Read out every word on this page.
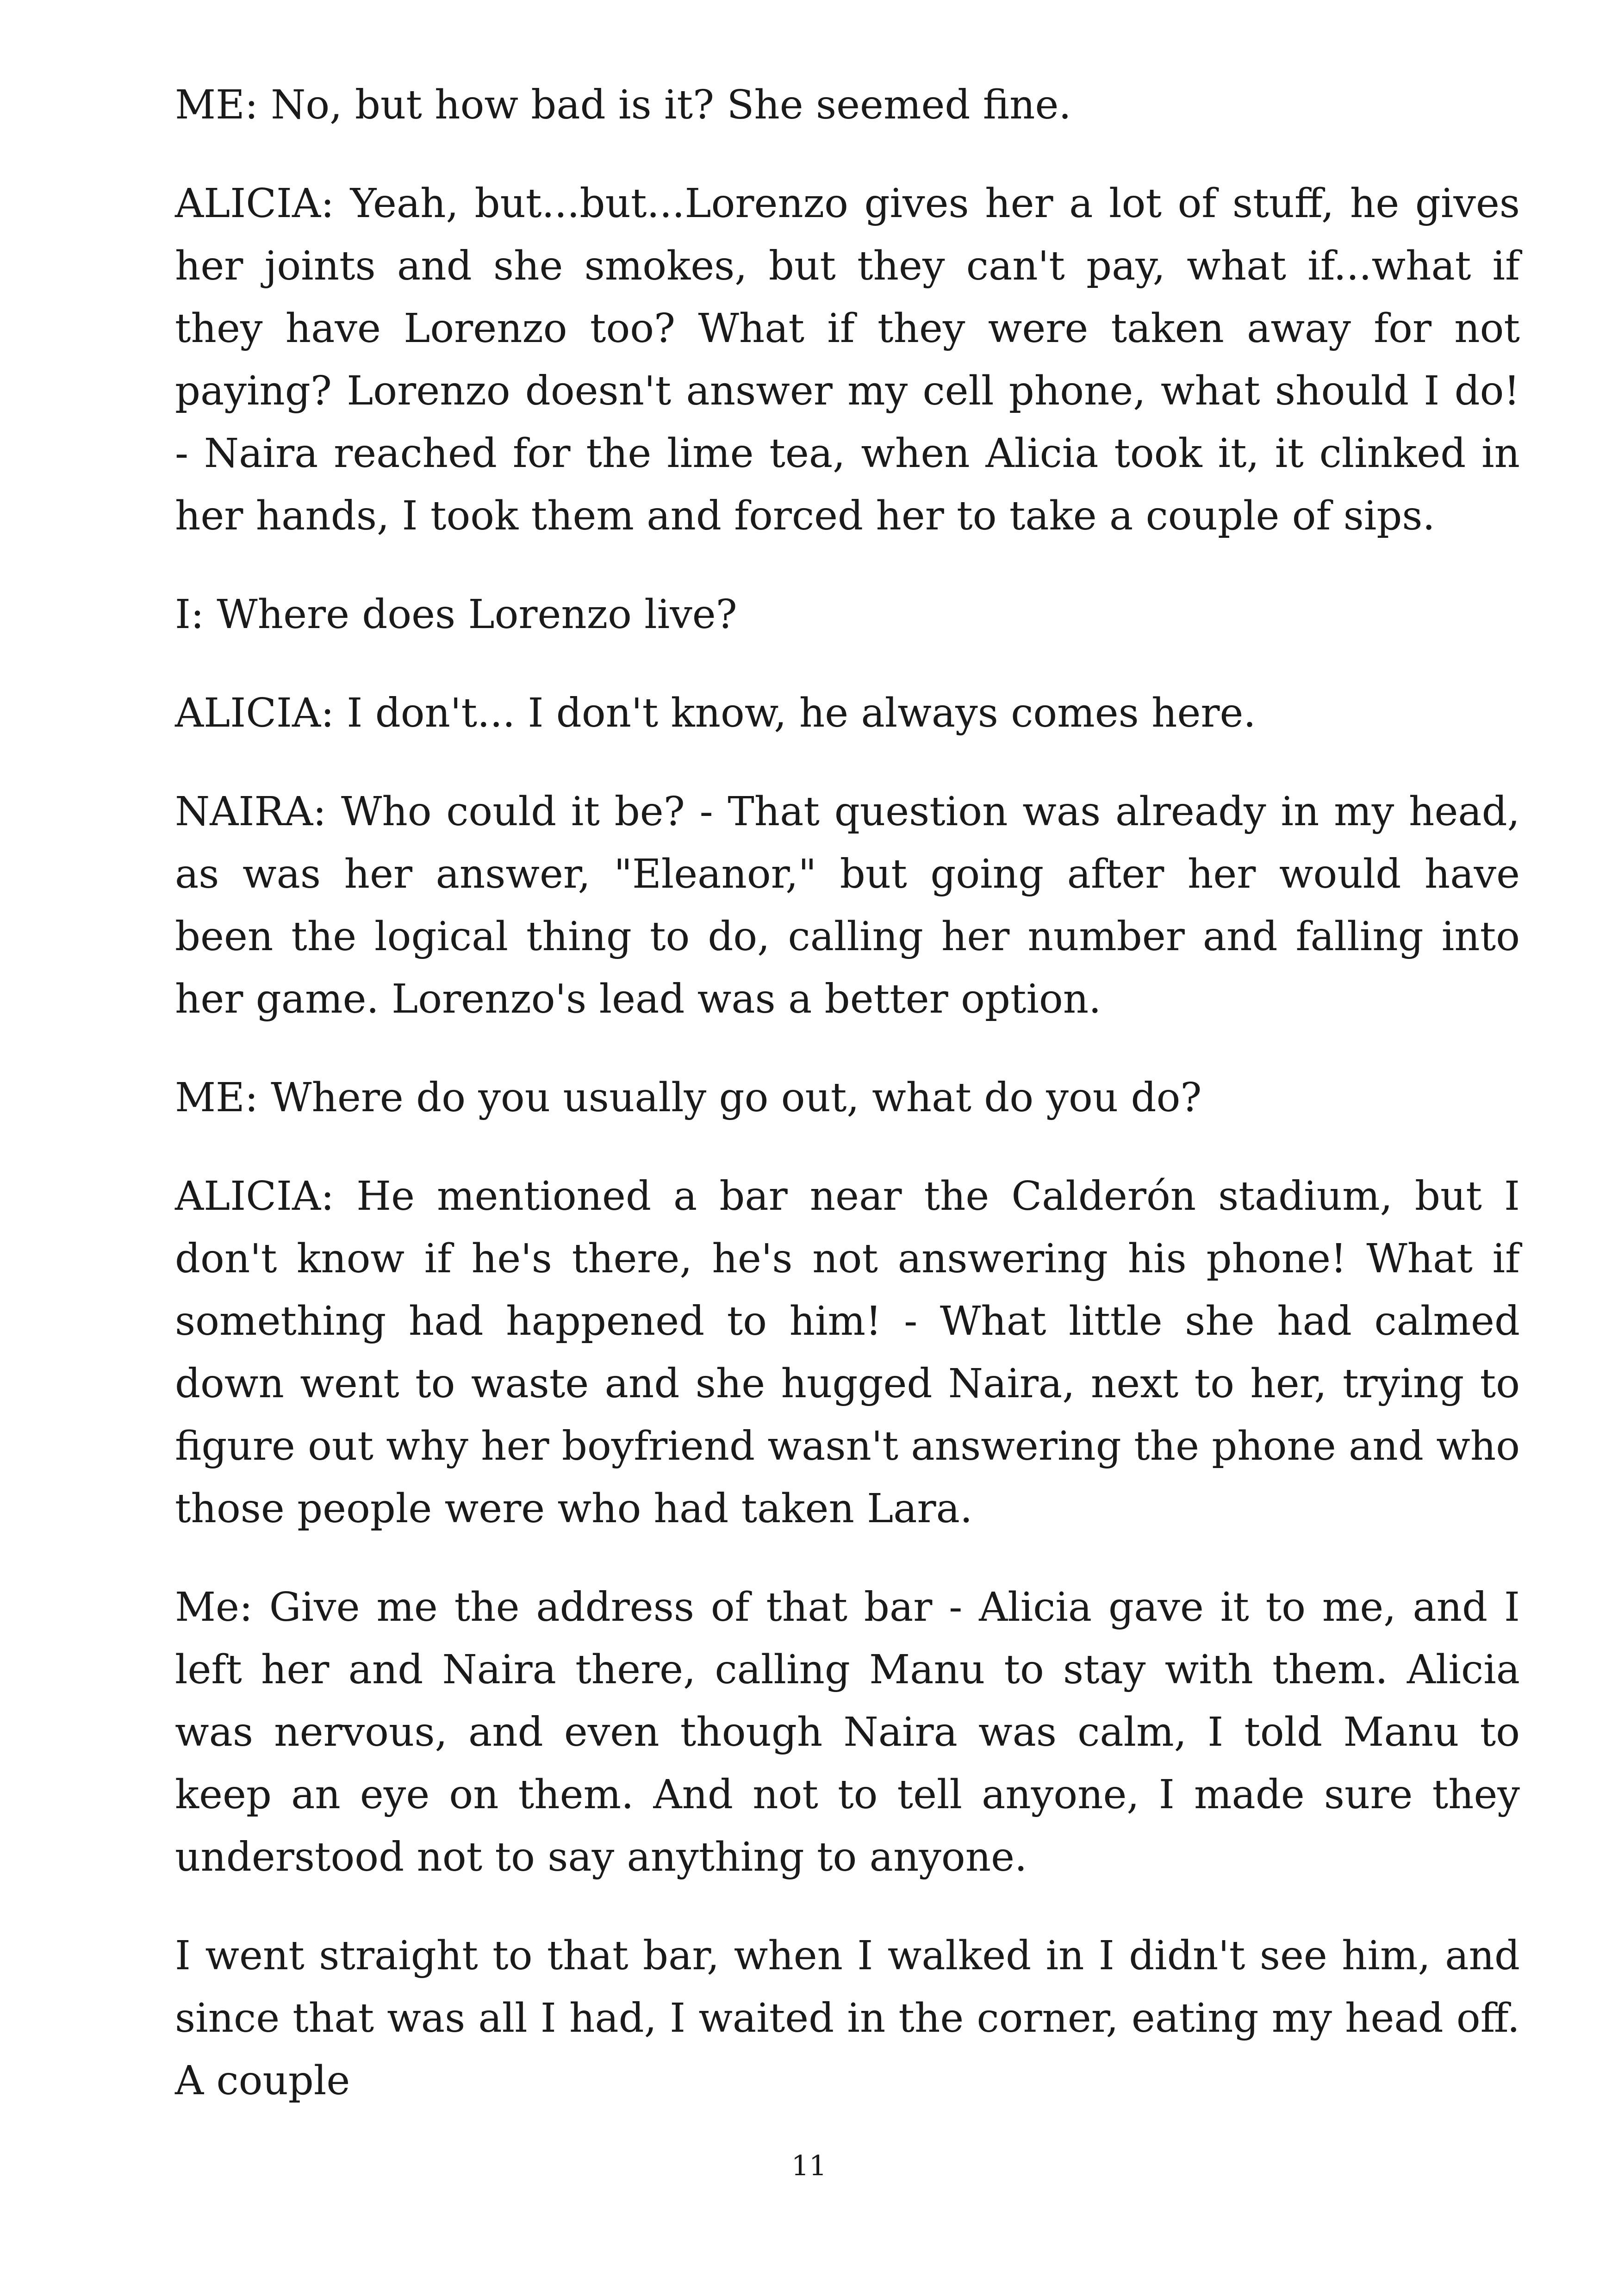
ME: No, but how bad is it? She seemed fine.

ALICIA: Yeah, but...but...Lorenzo gives her a lot of stuff, he gives her joints and she smokes, but they can't pay, what if...what if they have Lorenzo too? What if they were taken away for not paying? Lorenzo doesn't answer my cell phone, what should I do! - Naira reached for the lime tea, when Alicia took it, it clinked in her hands, I took them and forced her to take a couple of sips.

I: Where does Lorenzo live?

ALICIA: I don't... I don't know, he always comes here.

NAIRA: Who could it be? - That question was already in my head, as was her answer, "Eleanor," but going after her would have been the logical thing to do, calling her number and falling into her game. Lorenzo's lead was a better option.

ME: Where do you usually go out, what do you do?

ALICIA: He mentioned a bar near the Calderón stadium, but I don't know if he's there, he's not answering his phone! What if something had happened to him! - What little she had calmed down went to waste and she hugged Naira, next to her, trying to figure out why her boyfriend wasn't answering the phone and who those people were who had taken Lara.

Me: Give me the address of that bar - Alicia gave it to me, and I left her and Naira there, calling Manu to stay with them. Alicia was nervous, and even though Naira was calm, I told Manu to keep an eye on them. And not to tell anyone, I made sure they understood not to say anything to anyone.

I went straight to that bar, when I walked in I didn't see him, and since that was all I had, I waited in the corner, eating my head off. A couple

11
